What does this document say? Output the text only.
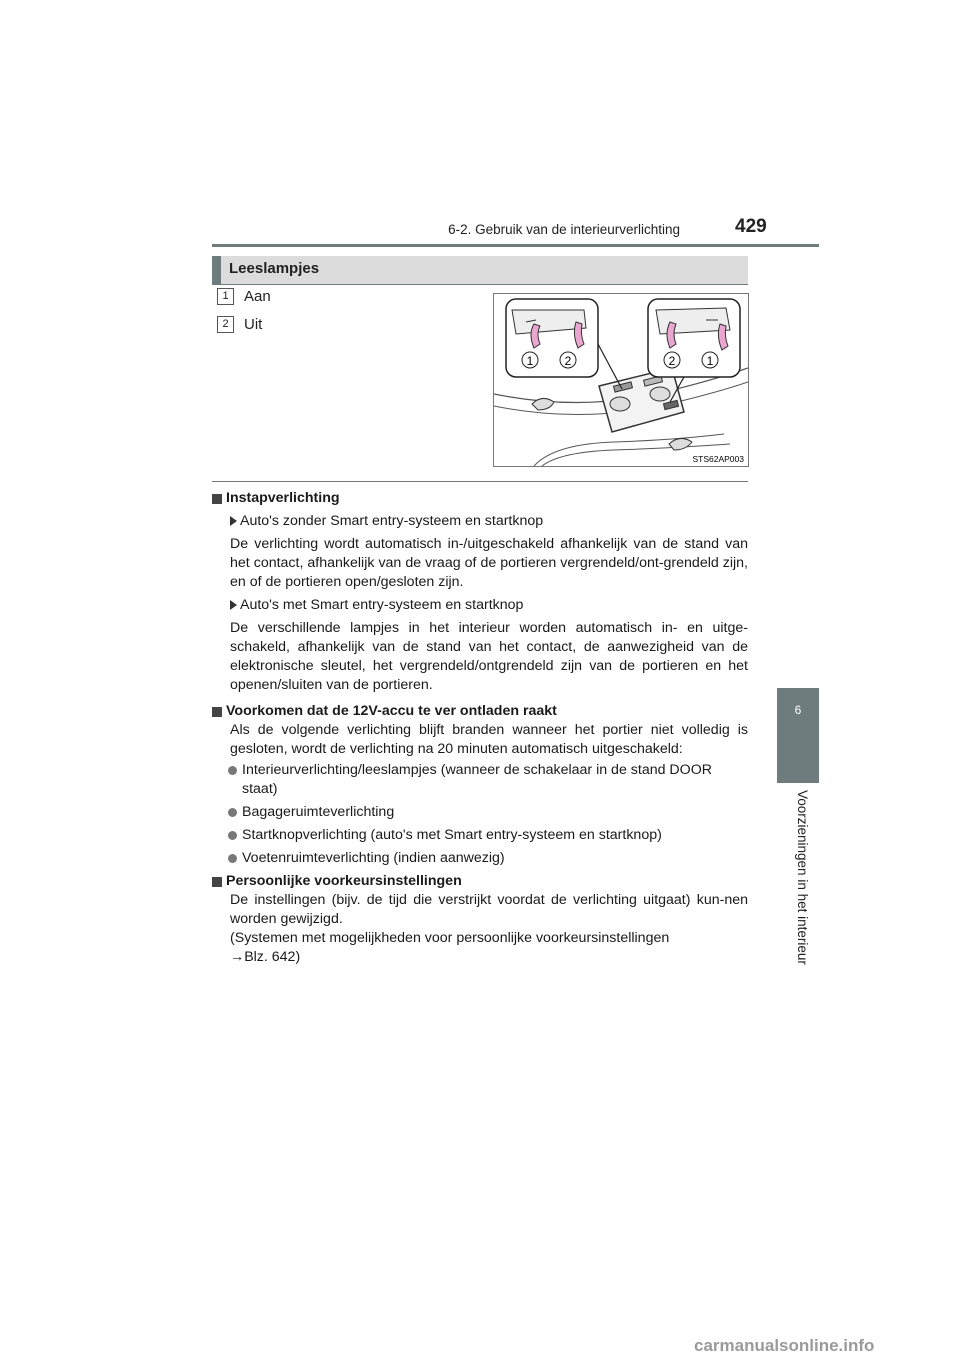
6-2. Gebruik van de interieurverlichting	429
6
Voorzieningen in het interieur
Leeslampjes
1 Aan
2 Uit
1	2	2	1
STS62AP003

Instapverlichting

Auto's zonder Smart entry-systeem en startknop

De verlichting wordt automatisch in-/uitgeschakeld afhankelijk van de stand van het contact, afhankelijk van de vraag of de portieren vergrendeld/ont-grendeld zijn, en of de portieren open/gesloten zijn.

Auto's met Smart entry-systeem en startknop

De verschillende lampjes in het interieur worden automatisch in- en uitge-schakeld, afhankelijk van de stand van het contact, de aanwezigheid van de elektronische sleutel, het vergrendeld/ontgrendeld zijn van de portieren en het openen/sluiten van de portieren.

Voorkomen dat de 12V-accu te ver ontladen raakt

Als de volgende verlichting blijft branden wanneer het portier niet volledig is gesloten, wordt de verlichting na 20 minuten automatisch uitgeschakeld:

Interieurverlichting/leeslampjes (wanneer de schakelaar in de stand DOOR staat)

Bagageruimteverlichting

Startknopverlichting (auto's met Smart entry-systeem en startknop)

Voetenruimteverlichting (indien aanwezig)

Persoonlijke voorkeursinstellingen

De instellingen (bijv. de tijd die verstrijkt voordat de verlichting uitgaat) kun-nen worden gewijzigd.

(Systemen met mogelijkheden voor persoonlijke voorkeursinstellingen

→Blz. 642)

carmanualsonline.info
